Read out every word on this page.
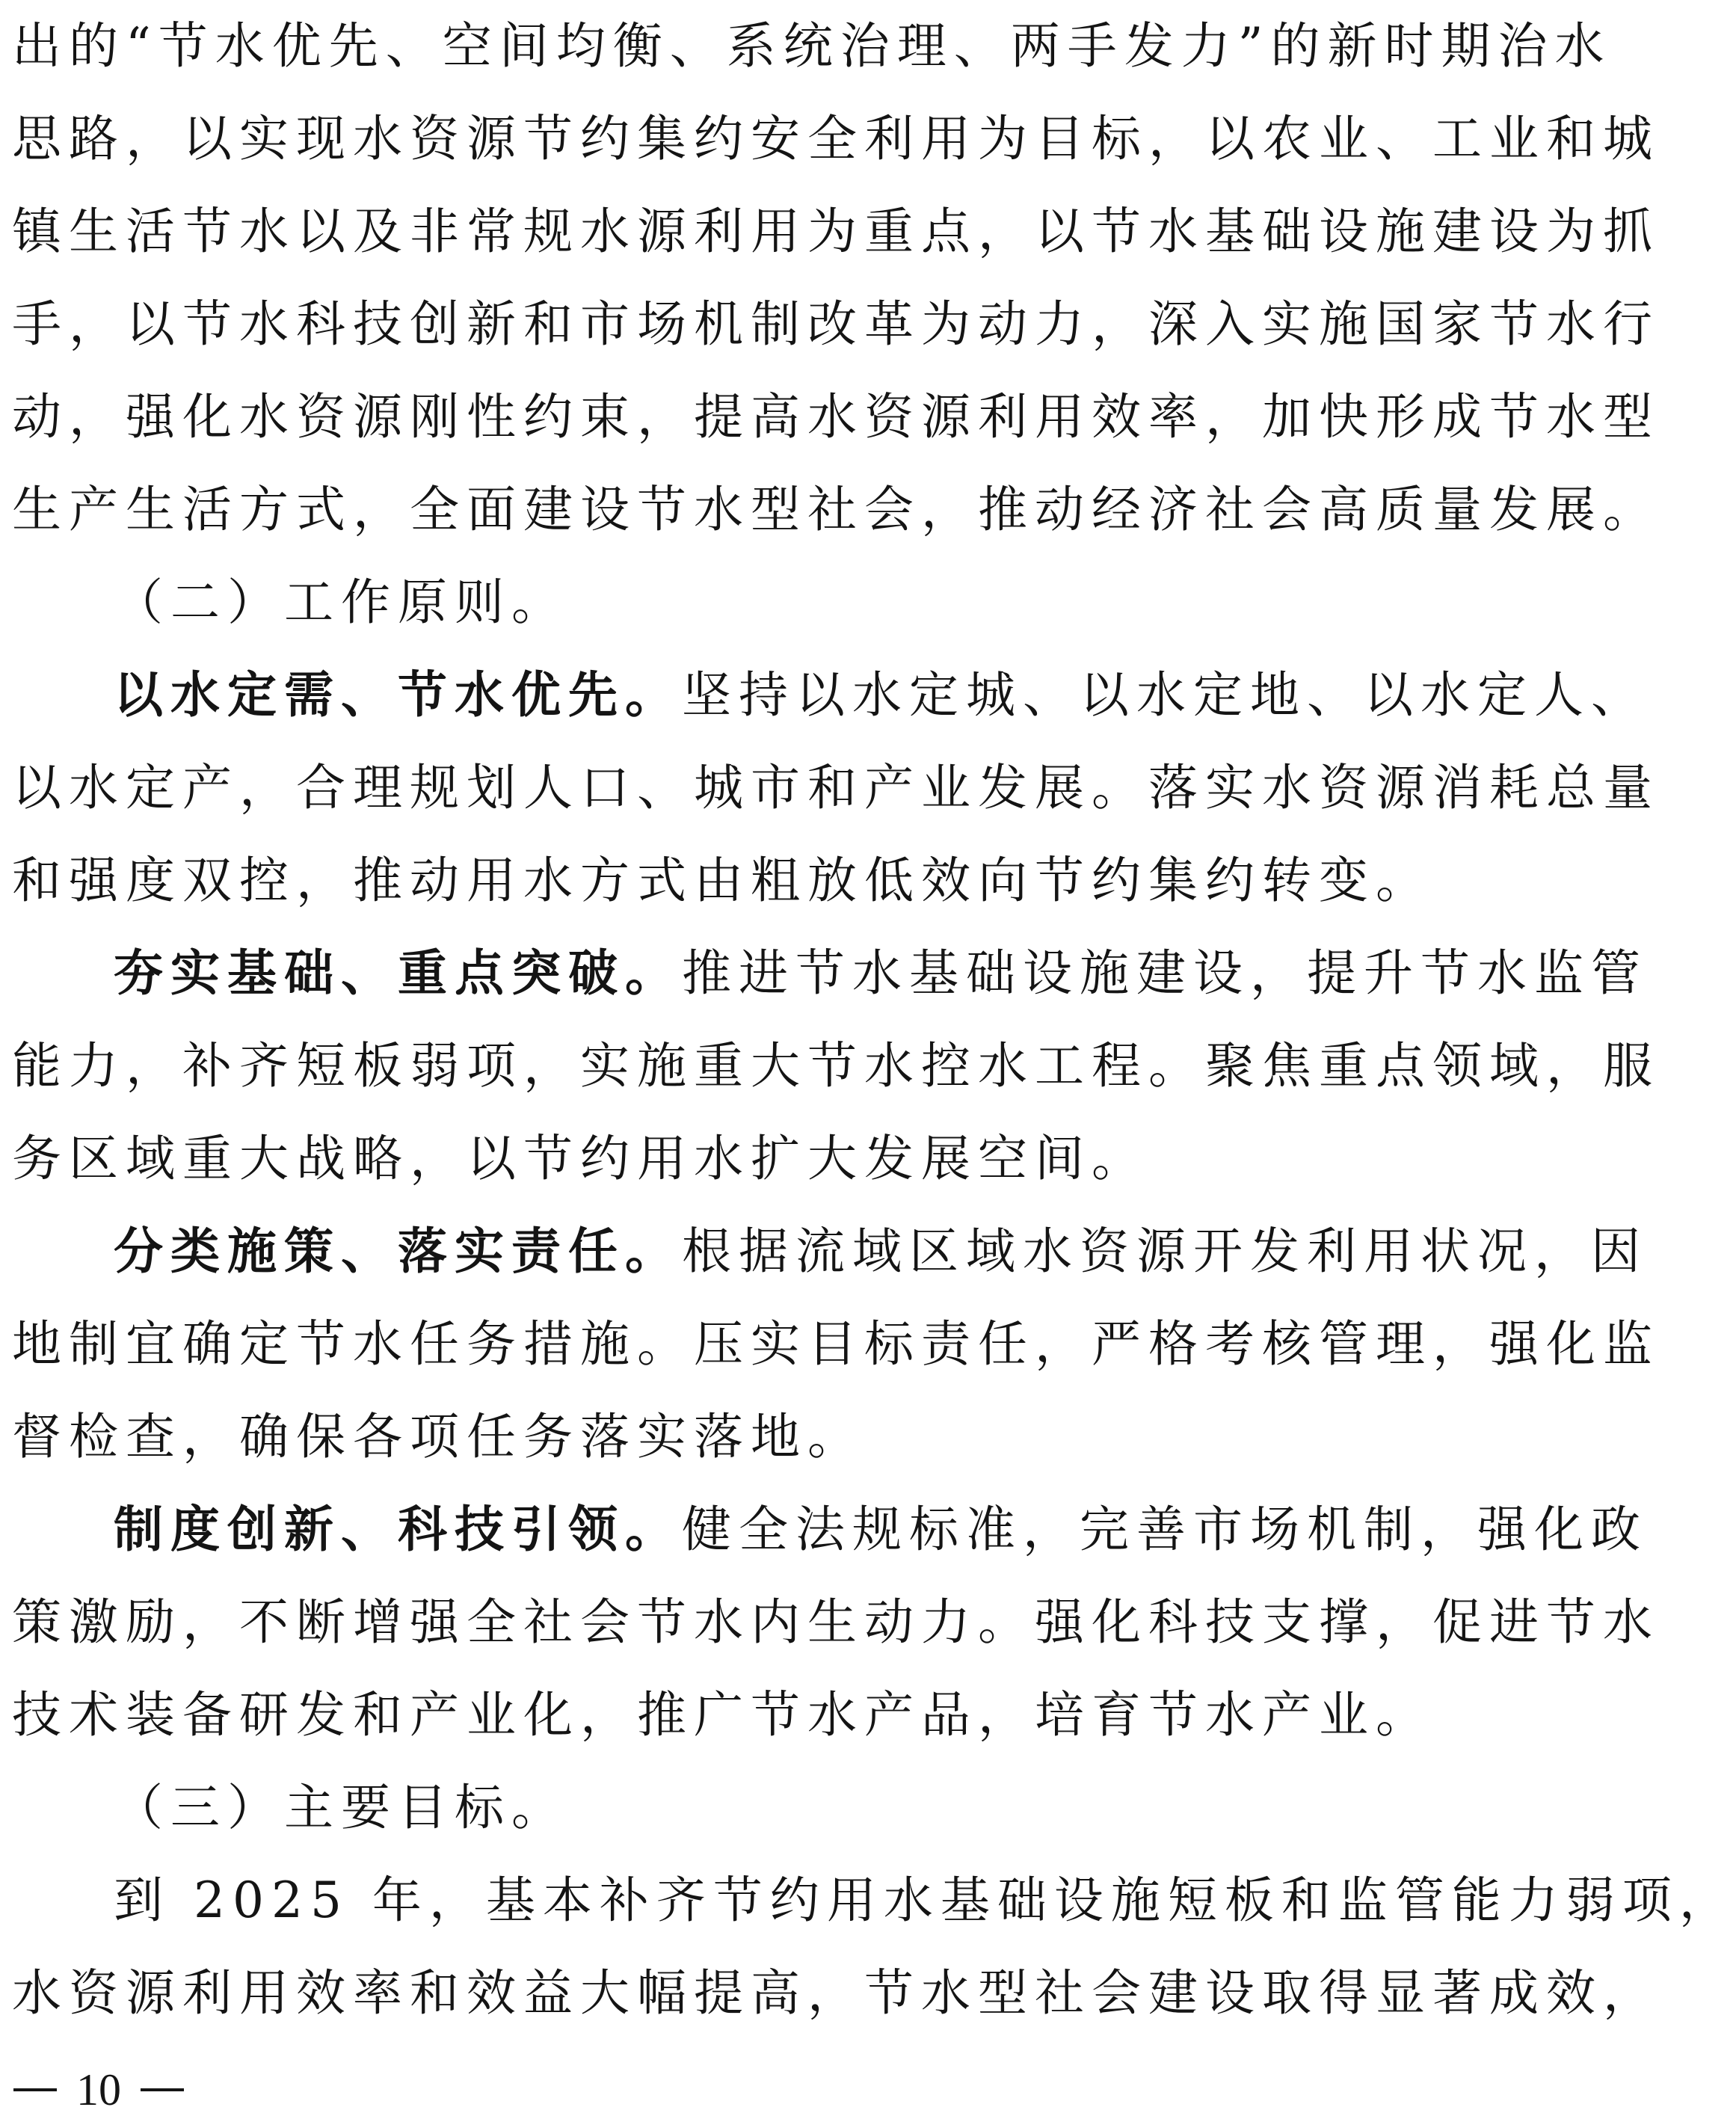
出的“节水优先、空间均衡、系统治理、两手发力”的新时期治水
思路，以实现水资源节约集约安全利用为目标，以农业、工业和城
镇生活节水以及非常规水源利用为重点，以节水基础设施建设为抓
手，以节水科技创新和市场机制改革为动力，深入实施国家节水行
动，强化水资源刚性约束，提高水资源利用效率，加快形成节水型
生产生活方式，全面建设节水型社会，推动经济社会高质量发展。
（二）工作原则。
以水定需、节水优先。坚持以水定城、以水定地、以水定人、
以水定产，合理规划人口、城市和产业发展。落实水资源消耗总量
和强度双控，推动用水方式由粗放低效向节约集约转变。
夯实基础、重点突破。推进节水基础设施建设，提升节水监管
能力，补齐短板弱项，实施重大节水控水工程。聚焦重点领域，服
务区域重大战略，以节约用水扩大发展空间。
分类施策、落实责任。根据流域区域水资源开发利用状况，因
地制宜确定节水任务措施。压实目标责任，严格考核管理，强化监
督检查，确保各项任务落实落地。
制度创新、科技引领。健全法规标准，完善市场机制，强化政
策激励，不断增强全社会节水内生动力。强化科技支撑，促进节水
技术装备研发和产业化，推广节水产品，培育节水产业。
（三）主要目标。
到 2025 年，基本补齐节约用水基础设施短板和监管能力弱项，
水资源利用效率和效益大幅提高，节水型社会建设取得显著成效，
10
